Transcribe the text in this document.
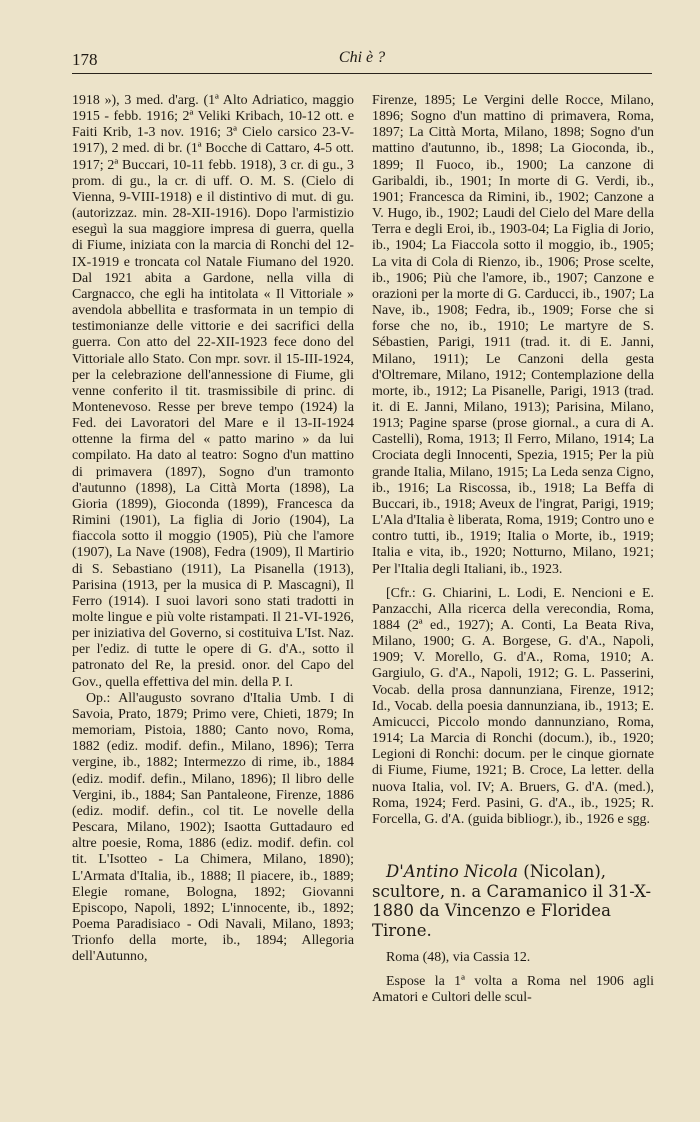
178	Chi è ?

1918 »), 3 med. d'arg. (1ª Alto Adriatico, maggio 1915 - febb. 1916; 2ª Veliki Kribach, 10-12 ott. e Faiti Krib, 1-3 nov. 1916; 3ª Cielo carsico 23-V-1917), 2 med. di br. (1ª Bocche di Cattaro, 4-5 ott. 1917; 2ª Buccari, 10-11 febb. 1918), 3 cr. di gu., 3 prom. di gu., la cr. di uff. O. M. S. (Cielo di Vienna, 9-VIII-1918) e il distintivo di mut. di gu. (autorizzaz. min. 28-XII-1916). Dopo l'armistizio eseguì la sua maggiore impresa di guerra, quella di Fiume, iniziata con la marcia di Ronchi del 12-IX-1919 e troncata col Natale Fiumano del 1920. Dal 1921 abita a Gardone, nella villa di Cargnacco, che egli ha intitolata « Il Vittoriale » avendola abbellita e trasformata in un tempio di testimonianze delle vittorie e dei sacrifici della guerra. Con atto del 22-XII-1923 fece dono del Vittoriale allo Stato. Con mpr. sovr. il 15-III-1924, per la celebrazione dell'annessione di Fiume, gli venne conferito il tit. trasmissibile di princ. di Montenevoso. Resse per breve tempo (1924) la Fed. dei Lavoratori del Mare e il 13-II-1924 ottenne la firma del « patto marino » da lui compilato. Ha dato al teatro: Sogno d'un mattino di primavera (1897), Sogno d'un tramonto d'autunno (1898), La Città Morta (1898), La Gioria (1899), Gioconda (1899), Francesca da Rimini (1901), La figlia di Jorio (1904), La fiaccola sotto il moggio (1905), Più che l'amore (1907), La Nave (1908), Fedra (1909), Il Martirio di S. Sebastiano (1911), La Pisanella (1913), Parisina (1913, per la musica di P. Mascagni), Il Ferro (1914). I suoi lavori sono stati tradotti in molte lingue e più volte ristampati. Il 21-VI-1926, per iniziativa del Governo, si costituiva L'Ist. Naz. per l'ediz. di tutte le opere di G. d'A., sotto il patronato del Re, la presid. onor. del Capo del Gov., quella effettiva del min. della P. I.

Op.: All'augusto sovrano d'Italia Umb. I di Savoia, Prato, 1879; Primo vere, Chieti, 1879; In memoriam, Pistoia, 1880; Canto novo, Roma, 1882 (ediz. modif. defin., Milano, 1896); Terra vergine, ib., 1882; Intermezzo di rime, ib., 1884 (ediz. modif. defin., Milano, 1896); Il libro delle Vergini, ib., 1884; San Pantaleone, Firenze, 1886 (ediz. modif. defin., col tit. Le novelle della Pescara, Milano, 1902); Isaotta Guttadauro ed altre poesie, Roma, 1886 (ediz. modif. defin. col tit. L'Isotteo - La Chimera, Milano, 1890); L'Armata d'Italia, ib., 1888; Il piacere, ib., 1889; Elegie romane, Bologna, 1892; Giovanni Episcopo, Napoli, 1892; L'innocente, ib., 1892; Poema Paradisiaco - Odi Navali, Milano, 1893; Trionfo della morte, ib., 1894; Allegoria dell'Autunno,

Firenze, 1895; Le Vergini delle Rocce, Milano, 1896; Sogno d'un mattino di primavera, Roma, 1897; La Città Morta, Milano, 1898; Sogno d'un mattino d'autunno, ib., 1898; La Gioconda, ib., 1899; Il Fuoco, ib., 1900; La canzone di Garibaldi, ib., 1901; In morte di G. Verdi, ib., 1901; Francesca da Rimini, ib., 1902; Canzone a V. Hugo, ib., 1902; Laudi del Cielo del Mare della Terra e degli Eroi, ib., 1903-04; La Figlia di Jorio, ib., 1904; La Fiaccola sotto il moggio, ib., 1905; La vita di Cola di Rienzo, ib., 1906; Prose scelte, ib., 1906; Più che l'amore, ib., 1907; Canzone e orazioni per la morte di G. Carducci, ib., 1907; La Nave, ib., 1908; Fedra, ib., 1909; Forse che si forse che no, ib., 1910; Le martyre de S. Sébastien, Parigi, 1911 (trad. it. di E. Janni, Milano, 1911); Le Canzoni della gesta d'Oltremare, Milano, 1912; Contemplazione della morte, ib., 1912; La Pisanelle, Parigi, 1913 (trad. it. di E. Janni, Milano, 1913); Parisina, Milano, 1913; Pagine sparse (prose giornal., a cura di A. Castelli), Roma, 1913; Il Ferro, Milano, 1914; La Crociata degli Innocenti, Spezia, 1915; Per la più grande Italia, Milano, 1915; La Leda senza Cigno, ib., 1916; La Riscossa, ib., 1918; La Beffa di Buccari, ib., 1918; Aveux de l'ingrat, Parigi, 1919; L'Ala d'Italia è liberata, Roma, 1919; Contro uno e contro tutti, ib., 1919; Italia o Morte, ib., 1919; Italia e vita, ib., 1920; Notturno, Milano, 1921; Per l'Italia degli Italiani, ib., 1923.

[Cfr.: G. Chiarini, L. Lodi, E. Nencioni e E. Panzacchi, Alla ricerca della verecondia, Roma, 1884 (2ª ed., 1927); A. Conti, La Beata Riva, Milano, 1900; G. A. Borgese, G. d'A., Napoli, 1909; V. Morello, G. d'A., Roma, 1910; A. Gargiulo, G. d'A., Napoli, 1912; G. L. Passerini, Vocab. della prosa dannunziana, Firenze, 1912; Id., Vocab. della poesia dannunziana, ib., 1913; E. Amicucci, Piccolo mondo dannunziano, Roma, 1914; La Marcia di Ronchi (docum.), ib., 1920; Legioni di Ronchi: docum. per le cinque giornate di Fiume, Fiume, 1921; B. Croce, La letter. della nuova Italia, vol. IV; A. Bruers, G. d'A. (med.), Roma, 1924; Ferd. Pasini, G. d'A., ib., 1925; R. Forcella, G. d'A. (guida bibliogr.), ib., 1926 e sgg.

D'Antino Nicola (Nicolan), scultore, n. a Caramanico il 31-X-1880 da Vincenzo e Floridea Tirone.

Roma (48), via Cassia 12.

Espose la 1ª volta a Roma nel 1906 agli Amatori e Cultori delle scul-
